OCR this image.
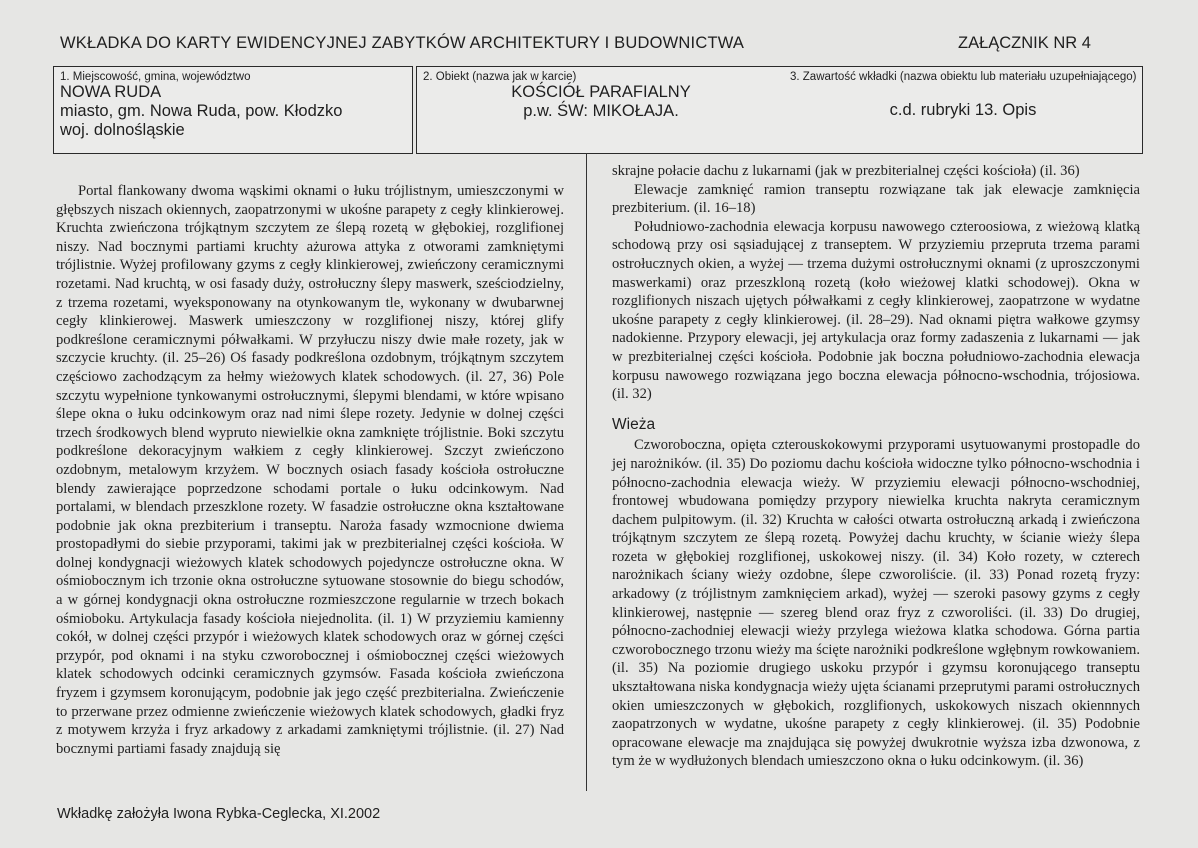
WKŁADKA DO KARTY EWIDENCYJNEJ ZABYTKÓW ARCHITEKTURY I BUDOWNICTWA	ZAŁĄCZNIK NR 4
1. Miejscowość, gmina, województwo
NOWA RUDA
miasto, gm. Nowa Ruda, pow. Kłodzko
woj. dolnośląskie
2. Obiekt (nazwa jak w karcie)
KOŚCIÓŁ PARAFIALNY
p.w. ŚW: MIKOŁAJA.
3. Zawartość wkładki (nazwa obiektu lub materiału uzupełniającego)
c.d. rubryki 13. Opis

Portal flankowany dwoma wąskimi oknami o łuku trójlistnym, umieszczonymi w głębszych niszach okiennych, zaopatrzonymi w ukośne parapety z cegły klinkierowej. Kruchta zwieńczona trójkątnym szczytem ze ślepą rozetą w głębokiej, rozglifionej niszy. Nad bocznymi partiami kruchty ażurowa attyka z otworami zamkniętymi trójlistnie. Wyżej profilowany gzyms z cegły klinkierowej, zwieńczony ceramicznymi rozetami. Nad kruchtą, w osi fasady duży, ostrołuczny ślepy maswerk, sześciodzielny, z trzema rozetami, wyeksponowany na otynkowanym tle, wykonany w dwubarwnej cegły klinkierowej. Maswerk umieszczony w rozglifionej niszy, której glify podkreślone ceramicznymi półwałkami. W przyłuczu niszy dwie małe rozety, jak w szczycie kruchty. (il. 25–26) Oś fasady podkreślona ozdobnym, trójkątnym szczytem częściowo zachodzącym za hełmy wieżowych klatek schodowych. (il. 27, 36) Pole szczytu wypełnione tynkowanymi ostrołucznymi, ślepymi blendami, w które wpisano ślepe okna o łuku odcinkowym oraz nad nimi ślepe rozety. Jedynie w dolnej części trzech środkowych blend wypruto niewielkie okna zamknięte trójlistnie. Boki szczytu podkreślone dekoracyjnym wałkiem z cegły klinkierowej. Szczyt zwieńczono ozdobnym, metalowym krzyżem. W bocznych osiach fasady kościoła ostrołuczne blendy zawierające poprzedzone schodami portale o łuku odcinkowym. Nad portalami, w blendach przeszklone rozety. W fasadzie ostrołuczne okna kształtowane podobnie jak okna prezbiterium i transeptu. Naroża fasady wzmocnione dwiema prostopadłymi do siebie przyporami, takimi jak w prezbiterialnej części kościoła. W dolnej kondygnacji wieżowych klatek schodowych pojedyncze ostrołuczne okna. W ośmiobocznym ich trzonie okna ostrołuczne sytuowane stosownie do biegu schodów, a w górnej kondygnacji okna ostrołuczne rozmieszczone regularnie w trzech bokach ośmioboku. Artykulacja fasady kościoła niejednolita. (il. 1) W przyziemiu kamienny cokół, w dolnej części przypór i wieżowych klatek schodowych oraz w górnej części przypór, pod oknami i na styku czworobocznej i ośmiobocznej części wieżowych klatek schodowych odcinki ceramicznych gzymsów. Fasada kościoła zwieńczona fryzem i gzymsem koronującym, podobnie jak jego część prezbiterialna. Zwieńczenie to przerwane przez odmienne zwieńczenie wieżowych klatek schodowych, gładki fryz z motywem krzyża i fryz arkadowy z arkadami zamkniętymi trójlistnie. (il. 27) Nad bocznymi partiami fasady znajdują się

skrajne połacie dachu z lukarnami (jak w prezbiterialnej części kościoła) (il. 36)

Elewacje zamknięć ramion transeptu rozwiązane tak jak elewacje zamknięcia prezbiterium. (il. 16–18)

Południowo-zachodnia elewacja korpusu nawowego czteroosiowa, z wieżową klatką schodową przy osi sąsiadującej z transeptem. W przyziemiu przepruta trzema parami ostrołucznych okien, a wyżej — trzema dużymi ostrołucznymi oknami (z uproszczonymi maswerkami) oraz przeszkloną rozetą (koło wieżowej klatki schodowej). Okna w rozglifionych niszach ujętych półwałkami z cegły klinkierowej, zaopatrzone w wydatne ukośne parapety z cegły klinkierowej. (il. 28–29). Nad oknami piętra wałkowe gzymsy nadokienne. Przypory elewacji, jej artykulacja oraz formy zadaszenia z lukarnami — jak w prezbiterialnej części kościoła. Podobnie jak boczna południowo-zachodnia elewacja korpusu nawowego rozwiązana jego boczna elewacja północno-wschodnia, trójosiowa. (il. 32)

Wieża

Czworoboczna, opięta czterouskokowymi przyporami usytuowanymi prostopadle do jej narożników. (il. 35) Do poziomu dachu kościoła widoczne tylko północno-wschodnia i północno-zachodnia elewacja wieży. W przyziemiu elewacji północno-wschodniej, frontowej wbudowana pomiędzy przypory niewielka kruchta nakryta ceramicznym dachem pulpitowym. (il. 32) Kruchta w całości otwarta ostrołuczną arkadą i zwieńczona trójkątnym szczytem ze ślepą rozetą. Powyżej dachu kruchty, w ścianie wieży ślepa rozeta w głębokiej rozglifionej, uskokowej niszy. (il. 34) Koło rozety, w czterech narożnikach ściany wieży ozdobne, ślepe czworoliście. (il. 33) Ponad rozetą fryzy: arkadowy (z trójlistnym zamknięciem arkad), wyżej — szeroki pasowy gzyms z cegły klinkierowej, następnie — szereg blend oraz fryz z czworoliści. (il. 33) Do drugiej, północno-zachodniej elewacji wieży przylega wieżowa klatka schodowa. Górna partia czworobocznego trzonu wieży ma ścięte narożniki podkreślone wgłębnym rowkowaniem. (il. 35) Na poziomie drugiego uskoku przypór i gzymsu koronującego transeptu ukształtowana niska kondygnacja wieży ujęta ścianami przeprutymi parami ostrołucznych okien umieszczonych w głębokich, rozglifionych, uskokowych niszach okiennnych zaopatrzonych w wydatne, ukośne parapety z cegły klinkierowej. (il. 35) Podobnie opracowane elewacje ma znajdująca się powyżej dwukrotnie wyższa izba dzwonowa, z tym że w wydłużonych blendach umieszczono okna o łuku odcinkowym. (il. 36)

Wkładkę założyła Iwona Rybka-Ceglecka, XI.2002
